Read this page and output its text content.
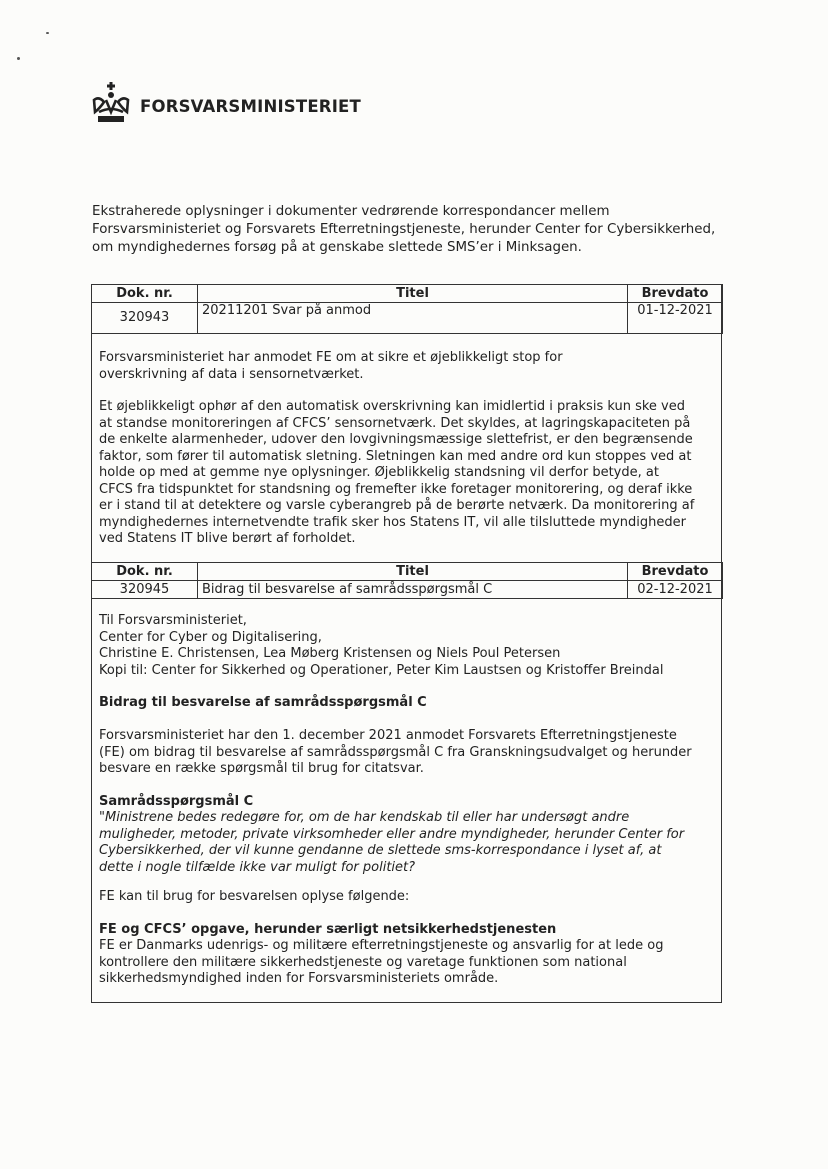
FORSVARSMINISTERIET

Ekstraherede oplysninger i dokumenter vedrørende korrespondancer mellem

Forsvarsministeriet og Forsvarets Efterretningstjeneste, herunder Center for Cybersikkerhed,

om myndighedernes forsøg på at genskabe slettede SMS’er i Minksagen.

Dok. nr.	Titel	Brevdato
320943	20211201 Svar på anmod	01-12-2021

Forsvarsministeriet har anmodet FE om at sikre et øjeblikkeligt stop for

overskrivning af data i sensornetværket.

Et øjeblikkeligt ophør af den automatisk overskrivning kan imidlertid i praksis kun ske ved

at standse monitoreringen af CFCS’ sensornetværk. Det skyldes, at lagringskapaciteten på

de enkelte alarmenheder, udover den lovgivningsmæssige slettefrist, er den begrænsende

faktor, som fører til automatisk sletning. Sletningen kan med andre ord kun stoppes ved at

holde op med at gemme nye oplysninger. Øjeblikkelig standsning vil derfor betyde, at

CFCS fra tidspunktet for standsning og fremefter ikke foretager monitorering, og deraf ikke

er i stand til at detektere og varsle cyberangreb på de berørte netværk. Da monitorering af

myndighedernes internetvendte trafik sker hos Statens IT, vil alle tilsluttede myndigheder

ved Statens IT blive berørt af forholdet.

Dok. nr.	Titel	Brevdato
320945	Bidrag til besvarelse af samrådsspørgsmål C	02-12-2021

Til Forsvarsministeriet,

Center for Cyber og Digitalisering,

Christine E. Christensen, Lea Møberg Kristensen og Niels Poul Petersen

Kopi til: Center for Sikkerhed og Operationer, Peter Kim Laustsen og Kristoffer Breindal

Bidrag til besvarelse af samrådsspørgsmål C

Forsvarsministeriet har den 1. december 2021 anmodet Forsvarets Efterretningstjeneste

(FE) om bidrag til besvarelse af samrådsspørgsmål C fra Granskningsudvalget og herunder

besvare en række spørgsmål til brug for citatsvar.

Samrådsspørgsmål C

"Ministrene bedes redegøre for, om de har kendskab til eller har undersøgt andre

muligheder, metoder, private virksomheder eller andre myndigheder, herunder Center for

Cybersikkerhed, der vil kunne gendanne de slettede sms-korrespondance i lyset af, at

dette i nogle tilfælde ikke var muligt for politiet?

FE kan til brug for besvarelsen oplyse følgende:
FE og CFCS’ opgave, herunder særligt netsikkerhedstjenesten

FE er Danmarks udenrigs- og militære efterretningstjeneste og ansvarlig for at lede og

kontrollere den militære sikkerhedstjeneste og varetage funktionen som national

sikkerhedsmyndighed inden for Forsvarsministeriets område.
